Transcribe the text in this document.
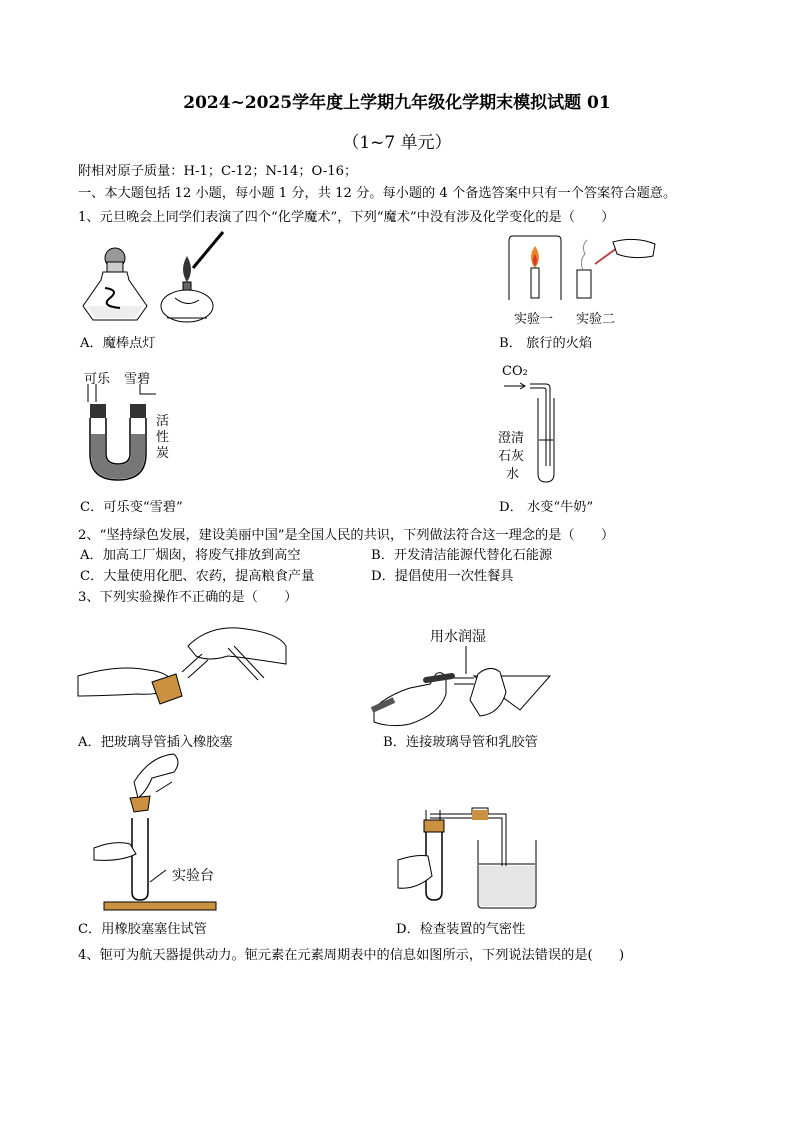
2024~2025学年度上学期九年级化学期末模拟试题 01
（1~7 单元）
附相对原子质量：H-1；C-12；N-14；O-16；
一、本大题包括 12 小题，每小题 1 分，共 12 分。每小题的 4 个备选答案中只有一个答案符合题意。
1、元旦晚会上同学们表演了四个“化学魔术”，下列“魔术”中没有涉及化学变化的是（　　）
A．魔棒点灯
实验一 实验二
B． 旅行的火焰
可乐 雪碧
活
性
炭
C．可乐变“雪碧”
CO₂
澄清
石灰
水
D． 水变“牛奶”
2、“坚持绿色发展，建设美丽中国”是全国人民的共识，下列做法符合这一理念的是（　　）
A．加高工厂烟囱，将废气排放到高空	B．开发清洁能源代替化石能源
C．大量使用化肥、农药，提高粮食产量	D．提倡使用一次性餐具
3、下列实验操作不正确的是（　　）
A．把玻璃导管插入橡胶塞
用水润湿
B．连接玻璃导管和乳胶管
实验台
C．用橡胶塞塞住试管	D．检查装置的气密性
4、钷可为航天器提供动力。钷元素在元素周期表中的信息如图所示，下列说法错误的是(　　)
